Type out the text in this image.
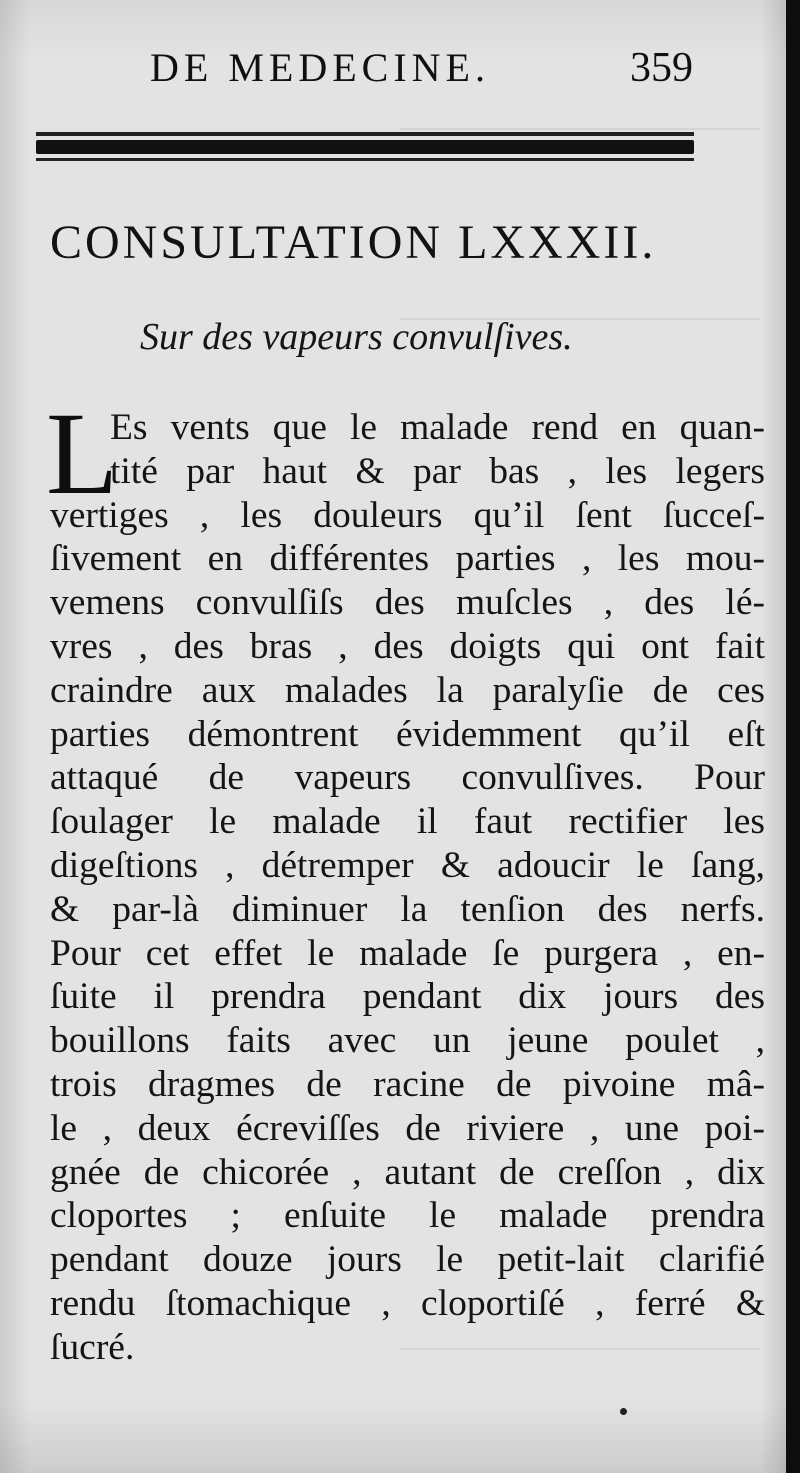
DE MEDECINE.	359
CONSULTATION LXXXII.
Sur des vapeurs convulſives.
L
Es vents que le malade rend en quan-
tité par haut & par bas , les legers
vertiges , les douleurs qu’il ſent ſucceſ-
ſivement en différentes parties , les mou-
vemens convulſiſs des muſcles , des lé-
vres , des bras , des doigts qui ont fait
craindre aux malades la paralyſie de ces
parties démontrent évidemment qu’il eſt
attaqué de vapeurs convulſives. Pour
ſoulager le malade il faut rectifier les
digeſtions , détremper & adoucir le ſang,
& par-là diminuer la tenſion des nerfs.
Pour cet effet le malade ſe purgera , en-
ſuite il prendra pendant dix jours des
bouillons faits avec un jeune poulet ,
trois dragmes de racine de pivoine mâ-
le , deux écreviſſes de riviere , une poi-
gnée de chicorée , autant de creſſon , dix
cloportes ; enſuite le malade prendra
pendant douze jours le petit-lait clarifié
rendu ſtomachique , cloportiſé , ferré &
ſucré.
